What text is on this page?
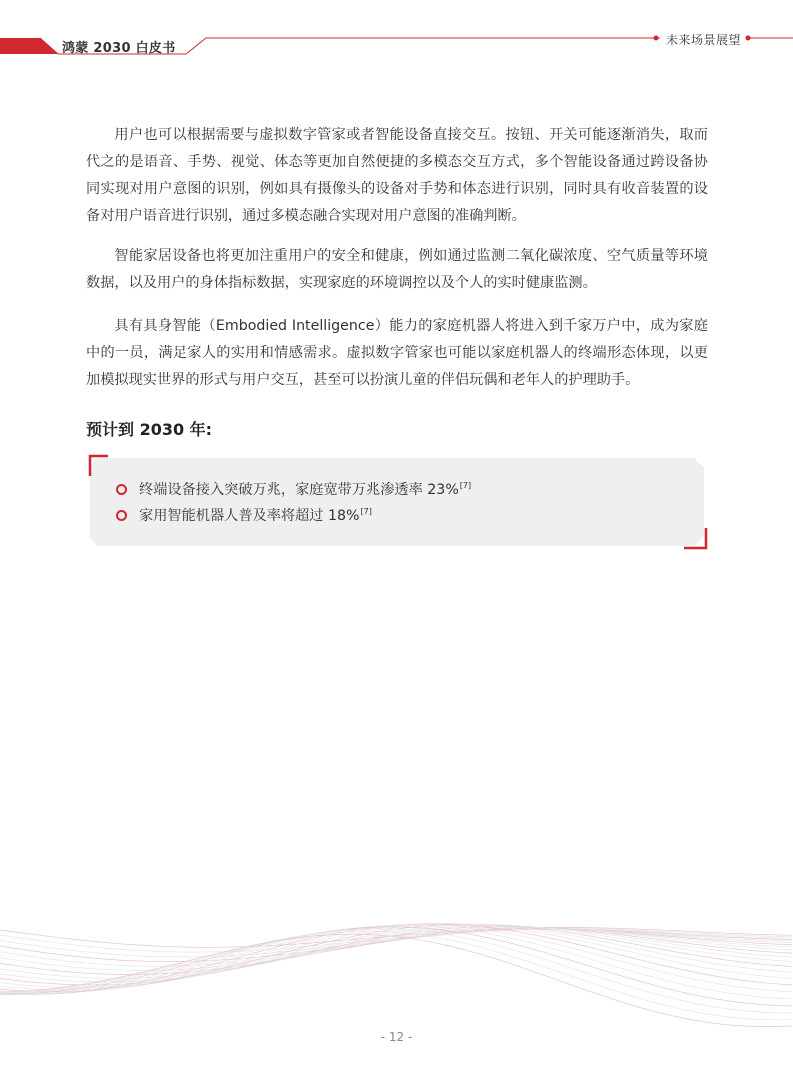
鸿蒙 2030 白皮书
未来场景展望

用户也可以根据需要与虚拟数字管家或者智能设备直接交互。按钮、开关可能逐渐消失，取而代之的是语音、手势、视觉、体态等更加自然便捷的多模态交互方式，多个智能设备通过跨设备协同实现对用户意图的识别，例如具有摄像头的设备对手势和体态进行识别，同时具有收音装置的设备对用户语音进行识别，通过多模态融合实现对用户意图的准确判断。

智能家居设备也将更加注重用户的安全和健康，例如通过监测二氧化碳浓度、空气质量等环境数据，以及用户的身体指标数据，实现家庭的环境调控以及个人的实时健康监测。

具有具身智能（Embodied Intelligence）能力的家庭机器人将进入到千家万户中，成为家庭中的一员，满足家人的实用和情感需求。虚拟数字管家也可能以家庭机器人的终端形态体现，以更加模拟现实世界的形式与用户交互，甚至可以扮演儿童的伴侣玩偶和老年人的护理助手。

预计到 2030 年:
终端设备接入突破万兆，家庭宽带万兆渗透率 23%[7]
家用智能机器人普及率将超过 18%[7]
- 12 -
